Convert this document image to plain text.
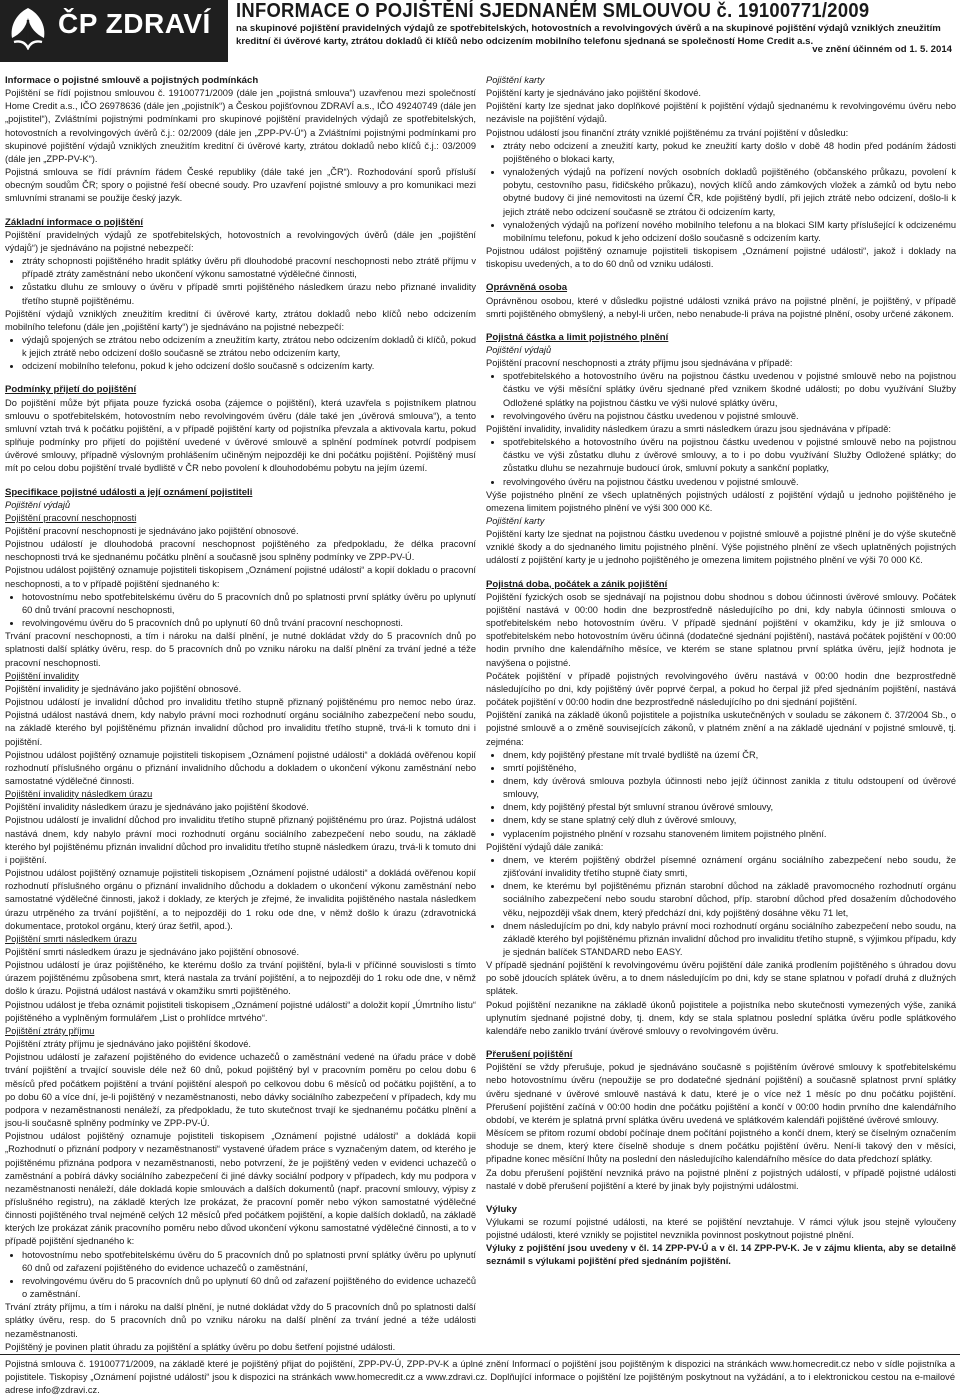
ČP ZDRAVÍ INFORMACE O POJIŠTĚNÍ SJEDNANÉM SMLOUVOU č. 19100771/2009
na skupinové pojištění pravidelných výdajů ze spotřebitelských, hotovostních a revolvingových úvěrů a na skupinové pojištění výdajů vzniklých zneužitím kreditní či úvěrové karty, ztrátou dokladů či klíčů nebo odcizením mobilního telefonu sjednaná se společností Home Credit a.s.
ve znění účinném od 1. 5. 2014
Informace o pojistné smlouvě a pojistných podmínkách

Pojištění se řídí pojistnou smlouvou č. 19100771/2009 (dále jen „pojistná smlouva“) uzavřenou mezi společností Home Credit a.s., IČO 26978636 (dále jen „pojistník“) a Českou pojišťovnou ZDRAVÍ a.s., IČO 49240749 (dále jen „pojistitel“), Zvláštními pojistnými podmínkami pro skupinové pojištění pravidelných výdajů ze spotřebitelských, hotovostních a revolvingových úvěrů č.j.: 02/2009 (dále jen „ZPP-PV-Ú“) a Zvláštními pojistnými podmínkami pro skupinové pojištění výdajů vzniklých zneužitím kreditní či úvěrové karty, ztrátou dokladů nebo klíčů č.j.: 03/2009 (dále jen „ZPP-PV-K“).

Pojistná smlouva se řídí právním řádem České republiky (dále také jen „ČR“). Rozhodování sporů přísluší obecným soudům ČR; spory o pojistné řeší obecné soudy. Pro uzavření pojistné smlouvy a pro komunikaci mezi smluvními stranami se použije český jazyk.

Základní informace o pojištění

Pojištění pravidelných výdajů ze spotřebitelských, hotovostních a revolvingových úvěrů (dále jen „pojištění výdajů“) je sjednáváno na pojistné nebezpečí:

• ztráty schopnosti pojištěného hradit splátky úvěru při dlouhodobé pracovní neschopnosti nebo ztrátě příjmu v případě ztráty zaměstnání nebo ukončení výkonu samostatné výdělečné činnosti,
• zůstatku dluhu ze smlouvy o úvěru v případě smrti pojištěného následkem úrazu nebo přiznané invalidity třetího stupně pojištěnému.

Pojištění výdajů vzniklých zneužitím kreditní či úvěrové karty, ztrátou dokladů nebo klíčů nebo odcizením mobilního telefonu (dále jen „pojištění karty“) je sjednáváno na pojistné nebezpečí:

• výdajů spojených se ztrátou nebo odcizením a zneužitím karty, ztrátou nebo odcizením dokladů či klíčů, pokud k jejich ztrátě nebo odcizení došlo současně se ztrátou nebo odcizením karty,
• odcizení mobilního telefonu, pokud k jeho odcizení došlo současně s odcizením karty.
Podmínky přijetí do pojištění

Do pojištění může být přijata pouze fyzická osoba (zájemce o pojištění), která uzavřela s pojistníkem platnou smlouvu o spotřebitelském, hotovostním nebo revolvingovém úvěru (dále také jen „úvěrová smlouva“), a tento smluvní vztah trvá k počátku pojištění, a v případě pojištění karty od pojistníka převzala a aktivovala kartu, pokud splňuje podmínky pro přijetí do pojištění uvedené v úvěrové smlouvě a splnění podmínek potvrdí podpisem úvěrové smlouvy, případně výslovným prohlášením učiněným nejpozději ke dni počátku pojištění. Pojištěný musí mít po celou dobu pojištění trvalé bydliště v ČR nebo povolení k dlouhodobému pobytu na jejím území.

Specifikace pojistné události a její oznámení pojistiteli

Pojištění výdajů

Pojištění pracovní neschopnosti

Pojištění pracovní neschopnosti je sjednáváno jako pojištění obnosové.

Pojistnou událostí je dlouhodobá pracovní neschopnost pojištěného za předpokladu, že délka pracovní neschopnosti trvá ke sjednanému počátku plnění a současně jsou splněny podmínky ve ZPP-PV-Ú.

Pojistnou událost pojištěný oznamuje pojistiteli tiskopisem „Oznámení pojistné události“ a kopií dokladu o pracovní neschopnosti, a to v případě pojištění sjednaného k:

• hotovostnímu nebo spotřebitelskému úvěru do 5 pracovních dnů po splatnosti první splátky úvěru po uplynutí 60 dnů trvání pracovní neschopnosti,
• revolvingovému úvěru do 5 pracovních dnů po uplynutí 60 dnů trvání pracovní neschopnosti.

Trvání pracovní neschopnosti, a tím i nároku na další plnění, je nutné dokládat vždy do 5 pracovních dnů po splatnosti další splátky úvěru, resp. do 5 pracovních dnů po vzniku nároku na další plnění za trvání jedné a téže pracovní neschopnosti.

Pojištění invalidity

Pojištění invalidity je sjednáváno jako pojištění obnosové.

Pojistnou událostí je invalidní důchod pro invaliditu třetího stupně přiznaný pojištěnému pro nemoc nebo úraz. Pojistná událost nastává dnem, kdy nabylo právní moci rozhodnutí orgánu sociálního zabezpečení nebo soudu, na základě kterého byl pojištěnému přiznán invalidní důchod pro invaliditu třetího stupně, trvá-li k tomuto dni i pojištění.

Pojistnou událost pojištěný oznamuje pojistiteli tiskopisem „Oznámení pojistné události“ a dokládá ověřenou kopií rozhodnutí příslušného orgánu o přiznání invalidního důchodu a dokladem o ukončení výkonu zaměstnání nebo samostatné výdělečné činnosti.

Pojištění invalidity následkem úrazu

Pojištění invalidity následkem úrazu je sjednáváno jako pojištění škodové.

Pojistnou událostí je invalidní důchod pro invaliditu třetího stupně přiznaný pojištěnému pro úraz. Pojistná událost nastává dnem, kdy nabylo právní moci rozhodnutí orgánu sociálního zabezpečení nebo soudu, na základě kterého byl pojištěnému přiznán invalidní důchod pro invaliditu třetího stupně následkem úrazu, trvá-li k tomuto dni i pojištění.

Pojistnou událost pojištěný oznamuje pojistiteli tiskopisem „Oznámení pojistné události“ a dokládá ověřenou kopií rozhodnutí příslušného orgánu o přiznání invalidního důchodu a dokladem o ukončení výkonu zaměstnání nebo samostatné výdělečné činnosti, jakož i doklady, ze kterých je zřejmé, že invalidita pojištěného nastala následkem úrazu utrpěného za trvání pojištění, a to nejpozději do 1 roku ode dne, v němž došlo k úrazu (zdravotnická dokumentace, protokol orgánu, který úraz šetřil, apod.).

Pojištění smrti následkem úrazu

Pojištění smrti následkem úrazu je sjednáváno jako pojištění obnosové.

Pojistnou událostí je úraz pojištěného, ke kterému došlo za trvání pojištění, byla-li v příčinné souvislosti s tímto úrazem pojištěnému způsobena smrt, která nastala za trvání pojištění, a to nejpozději do 1 roku ode dne, v němž došlo k úrazu. Pojistná událost nastává v okamžiku smrti pojištěného.

Pojistnou událost je třeba oznámit pojistiteli tiskopisem „Oznámení pojistné události“ a doložit kopií „Úmrtního listu“ pojištěného a vyplněným formulářem „List o prohlídce mrtvého“.

Pojištění ztráty příjmu

Pojištění ztráty příjmu je sjednáváno jako pojištění škodové.

Pojistnou událostí je zařazení pojištěného do evidence uchazečů o zaměstnání vedené na úřadu práce v době trvání pojištění a trvající souvisle déle než 60 dnů, pokud pojištěný byl v pracovním poměru po celou dobu 6 měsíců před počátkem pojištění a trvání pojištění alespoň po celkovou dobu 6 měsíců od počátku pojištění, a to po dobu 60 a více dní, je-li pojištěný v nezaměstnanosti, nebo dávky sociálního zabezpečení v případech, kdy mu podpora v nezaměstnanosti nenáleží, za předpokladu, že tuto skutečnost trvají ke sjednanému počátku plnění a jsou-li současně splněny podmínky ve ZPP-PV-Ú.

Pojistnou událost pojištěný oznamuje pojistiteli tiskopisem „Oznámení pojistné události“ a dokládá kopii „Rozhodnutí o přiznání podpory v nezaměstnanosti“ vystavené úřadem práce s vyznačeným datem, od kterého je pojištěnému přiznána podpora v nezaměstnanosti, nebo potvrzení, že je pojištěný veden v evidenci uchazečů o zaměstnání a pobírá dávky sociálního zabezpečení či jiné dávky sociální podpory v případech, kdy mu podpora v nezaměstnanosti nenáleží, dále dokladá kopie smlouvách a dalších dokumentů (např. pracovní smlouvy, výpisy z příslušného registru), na základě kterých lze prokázat, že pracovní poměr nebo výkon samostatné výdělečné činnosti pojištěného trval nejméně celých 12 měsíců před počátkem pojištění, a kopie dalších dokladů, na základě kterých lze prokázat zánik pracovního poměru nebo důvod ukončení výkonu samostatné výdělečné činnosti, a to v případě pojištění sjednaného k:

• hotovostnímu nebo spotřebitelskému úvěru do 5 pracovních dnů po splatnosti první splátky úvěru po uplynutí 60 dnů od zařazení pojištěného do evidence uchazečů o zaměstnání,
• revolvingovému úvěru do 5 pracovních dnů po uplynutí 60 dnů od zařazení pojištěného do evidence uchazečů o zaměstnání.

Trvání ztráty příjmu, a tím i nároku na další plnění, je nutné dokládat vždy do 5 pracovních dnů po splatnosti další splátky úvěru, resp. do 5 pracovních dnů po vzniku nároku na další plnění za trvání jedné a téže události nezaměstnanosti.

Pojištěný je povinen platit úhradu za pojištění a splátky úvěru po dobu šetření pojistné události.

Pojištění karty

Pojištění karty je sjednáváno jako pojištění škodové.

Pojištění karty lze sjednat jako doplňkové pojištění k pojištění výdajů sjednanému k revolvingovému úvěru nebo nezávisle na pojištění výdajů.

Pojistnou událostí jsou finanční ztráty vzniklé pojištěnému za trvání pojištění v důsledku:

• ztráty nebo odcizení a zneužití karty, pokud ke zneužití karty došlo v době 48 hodin před podáním žádosti pojištěného o blokaci karty,
• vynaložených výdajů na pořízení nových osobních dokladů pojištěného (občanského průkazu, povolení k pobytu, cestovního pasu, řidičského průkazu), nových klíčů ando zámkových vložek a zámků od bytu nebo obytné budovy či jiné nemovitosti na území ČR, kde pojištěný bydlí, při jejich ztrátě nebo odcizení, došlo-li k jejich ztrátě nebo odcizení současně se ztrátou či odcizením karty,
• vynaložených výdajů na pořízení nového mobilního telefonu a na blokaci SIM karty příslušející k odcizenému mobilnímu telefonu, pokud k jeho odcizení došlo současně s odcizením karty.

Pojistnou událost pojištěný oznamuje pojistiteli tiskopisem „Oznámení pojistné události“, jakož i doklady na tiskopisu uvedených, a to do 60 dnů od vzniku události.

Oprávněná osoba

Oprávněnou osobou, které v důsledku pojistné události vzniká právo na pojistné plnění, je pojištěný, v případě smrti pojištěného obmyšlený, a nebyl-li určen, nebo nenabude-li práva na pojistné plnění, osoby určené zákonem.

Pojistná částka a limit pojistného plnění

Pojištění výdajů

Pojištění pracovní neschopnosti a ztráty příjmu jsou sjednávána v případě:

• spotřebitelského a hotovostního úvěru na pojistnou částku uvedenou v pojistné smlouvě nebo na pojistnou částku ve výši měsíční splátky úvěru sjednané před vznikem škodné události; po dobu využívání Služby Odložené splátky na pojistnou částku ve výši nulové splátky úvěru,
• revolvingového úvěru na pojistnou částku uvedenou v pojistné smlouvě.

Pojištění invalidity, invalidity následkem úrazu a smrti následkem úrazu jsou sjednávána v případě:

• spotřebitelského a hotovostního úvěru na pojistnou částku uvedenou v pojistné smlouvě nebo na pojistnou částku ve výši zůstatku dluhu z úvěrové smlouvy, a to i po dobu využívání Služby Odložené splátky; do zůstatku dluhu se nezahrnuje budoucí úrok, smluvní pokuty a sankční poplatky,
• revolvingového úvěru na pojistnou částku uvedenou v pojistné smlouvě.

Výše pojistného plnění ze všech uplatněných pojistných událostí z pojištění výdajů u jednoho pojištěného je omezena limitem pojistného plnění ve výši 300 000 Kč.

Pojištění karty

Pojištění karty lze sjednat na pojistnou částku uvedenou v pojistné smlouvě a pojistné plnění je do výše skutečně vzniklé škody a do sjednaného limitu pojistného plnění. Výše pojistného plnění ze všech uplatněných pojistných událostí z pojištění karty je u jednoho pojištěného je omezena limitem pojistného plnění ve výši 70 000 Kč.

Pojistná doba, počátek a zánik pojištění

Pojištění fyzických osob se sjednávají na pojistnou dobu shodnou s dobou účinnosti úvěrové smlouvy. Počátek pojištění nastává v 00:00 hodin dne bezprostředně následujícího po dni, kdy nabyla účinnosti smlouva o spotřebitelském nebo hotovostním úvěru. V případě sjednání pojištění v okamžiku, kdy je již smlouva o spotřebitelském nebo hotovostním úvěru účinná (dodatečné sjednání pojištění), nastává počátek pojištění v 00:00 hodin prvního dne kalendářního měsíce, ve kterém se stane splatnou první splátka úvěru, jejíž hodnota je navýšena o pojistné.

Počátek pojištění v případě pojistných revolvingového úvěru nastává v 00:00 hodin dne bezprostředně následujícího po dni, kdy pojištěný úvěr poprvé čerpal, a pokud ho čerpal již před sjednáním pojištění, nastává počátek pojištění v 00:00 hodin dne bezprostředně následujícího po dni sjednání pojištění.

Pojištění zaniká na základě úkonů pojistitele a pojistníka uskutečněných v souladu se zákonem č. 37/2004 Sb., o pojistné smlouvě a o změně souvisejících zákonů, v platném znění a na základě ujednání v pojistné smlouvě, tj. zejména:

• dnem, kdy pojištěný přestane mít trvalé bydliště na území ČR,
• smrtí pojištěného,
• dnem, kdy úvěrová smlouva pozbyla účinnosti nebo jejíž účinnost zanikla z titulu odstoupení od úvěrové smlouvy,
• dnem, kdy pojištěný přestal být smluvní stranou úvěrové smlouvy,
• dnem, kdy se stane splatný celý dluh z úvěrové smlouvy,
• vyplacením pojistného plnění v rozsahu stanoveném limitem pojistného plnění.

Pojištění výdajů dále zaniká:

• dnem, ve kterém pojištěný obdržel písemné oznámení orgánu sociálního zabezpečení nebo soudu, že zjišťování invalidity třetího stupně čiaty smrti,
• dnem, ke kterému byl pojištěnému přiznán starobní důchod na základě pravomocného rozhodnutí orgánu sociálního zabezpečení nebo soudu starobní důchod, příp. starobní důchod před dosažením důchodového věku, nejpozději však dnem, který předchází dni, kdy pojištěný dosáhne věku 71 let,
• dnem následujícím po dni, kdy nabylo právní moci rozhodnutí orgánu sociálního zabezpečení nebo soudu, na základě kterého byl pojištěnému přiznán invalidní důchod pro invaliditu třetího stupně, s výjimkou případu, kdy je sjednán balíček STANDARD nebo EASY.

V případě sjednání pojištění k revolvingovému úvěru pojištění dále zaniká prodlením pojištěného s úhradou dovu po sobě jdoucích splátek úvěru, a to dnem následujícím po dni, kdy se stane splatnou v pořadí druhá z dlužných splátek.

Pokud pojištění nezanikne na základě úkonů pojistitele a pojistníka nebo skutečnosti vymezených výše, zaniká uplynutím sjednané pojistné doby, tj. dnem, kdy se stala splatnou poslední splátka úvěru podle splátkového kalendáře nebo zaniklo trvání úvěrové smlouvy o revolvingovém úvěru.

Přerušení pojištění

Pojištění se vždy přerušuje, pokud je sjednáváno současně s pojištěním úvěrové smlouvy k spotřebitelskému nebo hotovostnímu úvěru (nepoužije se pro dodatečné sjednání pojištění) a současně splatnost první splátky úvěru sjednané v úvěrové smlouvě nastává k datu, které je o více než 1 měsíc po dnu počátku pojištění. Přerušení pojištění začíná v 00:00 hodin dne počátku pojištění a končí v 00:00 hodin prvního dne kalendářního období, ve kterém je splatná první splátka úvěru uvedená ve splátkovém kalendáři pojištěné úvěrové smlouvy.

Měsícem se přitom rozumí období počínaje dnem počítání pojistného a končí dnem, který se číselným označením shoduje se dnem, který ktere číselně shoduje s dnem počátku pojištění úvěru. Není-li takový den v měsíci, připadne konec měsíční lhůty na poslední den následujícího kalendářního měsíce do data předchozí splátky.

Za dobu přerušení pojištění nevzniká právo na pojistné plnění z pojistných událostí, v případě pojistné události nastalé v době přerušení pojištění a které by jinak byly pojistnými událostmi.

Výluky

Výlukami se rozumí pojistné události, na které se pojištění nevztahuje. V rámci výluk jsou stejně vyloučeny pojistné události, které vznikly se pojistitel nevznikla povinnost poskytnout pojistné plnění.

Výluky z pojištění jsou uvedeny v čl. 14 ZPP-PV-Ú a v čl. 14 ZPP-PV-K. Je v zájmu klienta, aby se detailně seznámil s výlukami pojištění před sjednáním pojištění.

Pojistná smlouva č. 19100771/2009, na základě které je pojištěný přijat do pojištění, ZPP-PV-Ú, ZPP-PV-K a úplné znění Informací o pojištění jsou pojištěným k dispozici na stránkách www.homecredit.cz nebo v sídle pojistníka a pojistitele. Tiskopisy „Oznámení pojistné události“ jsou k dispozici na stránkách www.homecredit.cz a www.zdravi.cz. Doplňující informace o pojištění lze pojištěným poskytnout na vyžádání, a to i elektronickou cestou na e-mailové adrese info@zdravi.cz.
